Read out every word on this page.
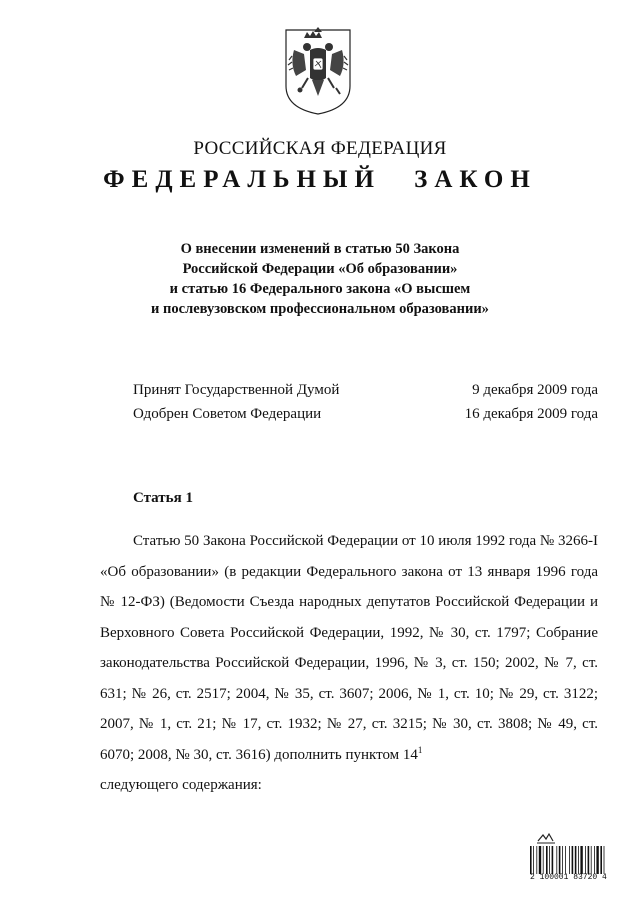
РОССИЙСКАЯ ФЕДЕРАЦИЯ
ФЕДЕРАЛЬНЫЙ ЗАКОН
О внесении изменений в статью 50 Закона
Российской Федерации «Об образовании»
и статью 16 Федерального закона «О высшем
и послевузовском профессиональном образовании»
Принят Государственной Думой	9 декабря 2009 года
Одобрен Советом Федерации	16 декабря 2009 года
Статья 1

Статью 50 Закона Российской Федерации от 10 июля 1992 года № 3266-I «Об образовании» (в редакции Федерального закона от 13 января 1996 года № 12-ФЗ) (Ведомости Съезда народных депутатов Российской Федерации и Верховного Совета Российской Федерации, 1992, № 30, ст. 1797; Собрание законодательства Российской Федерации, 1996, № 3, ст. 150; 2002, № 7, ст. 631; № 26, ст. 2517; 2004, № 35, ст. 3607; 2006, № 1, ст. 10; № 29, ст. 3122; 2007, № 1, ст. 21; № 17, ст. 1932; № 27, ст. 3215; № 30, ст. 3808; № 49, ст. 6070; 2008, № 30, ст. 3616) дополнить пунктом $14^1$

следующего содержания:

2 100001 83720 4
